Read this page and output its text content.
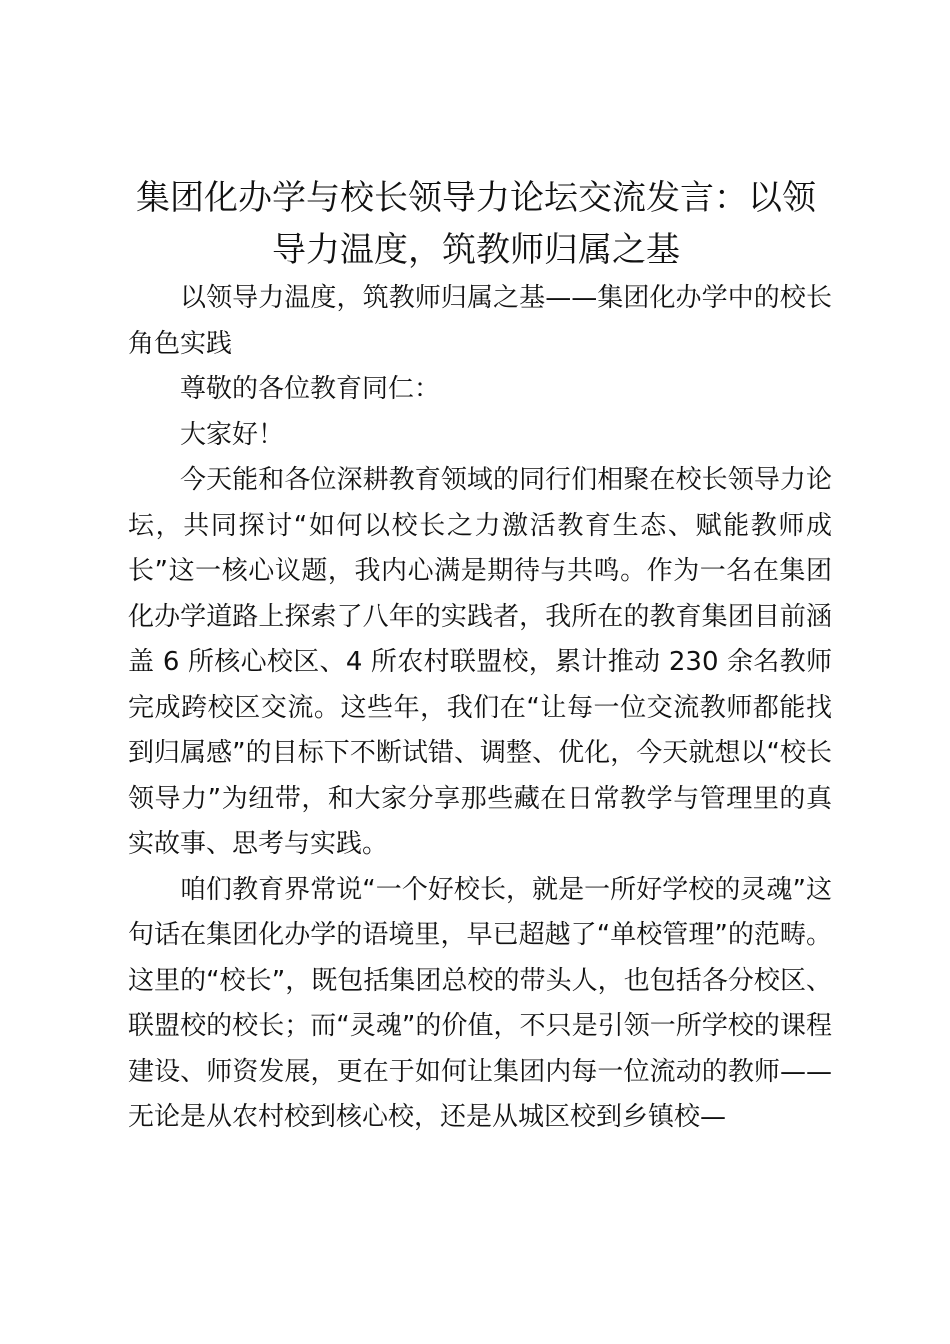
集团化办学与校长领导力论坛交流发言：以领导力温度，筑教师归属之基

以领导力温度，筑教师归属之基——集团化办学中的校长角色实践

尊敬的各位教育同仁：

大家好！

今天能和各位深耕教育领域的同行们相聚在校长领导力论坛，共同探讨“如何以校长之力激活教育生态、赋能教师成长”这一核心议题，我内心满是期待与共鸣。作为一名在集团化办学道路上探索了八年的实践者，我所在的教育集团目前涵盖 6 所核心校区、4 所农村联盟校，累计推动 230 余名教师完成跨校区交流。这些年，我们在“让每一位交流教师都能找到归属感”的目标下不断试错、调整、优化，今天就想以“校长领导力”为纽带，和大家分享那些藏在日常教学与管理里的真实故事、思考与实践。

咱们教育界常说“一个好校长，就是一所好学校的灵魂”这句话在集团化办学的语境里，早已超越了“单校管理”的范畴。这里的“校长”，既包括集团总校的带头人，也包括各分校区、联盟校的校长；而“灵魂”的价值，不只是引领一所学校的课程建设、师资发展，更在于如何让集团内每一位流动的教师——无论是从农村校到核心校，还是从城区校到乡镇校—
